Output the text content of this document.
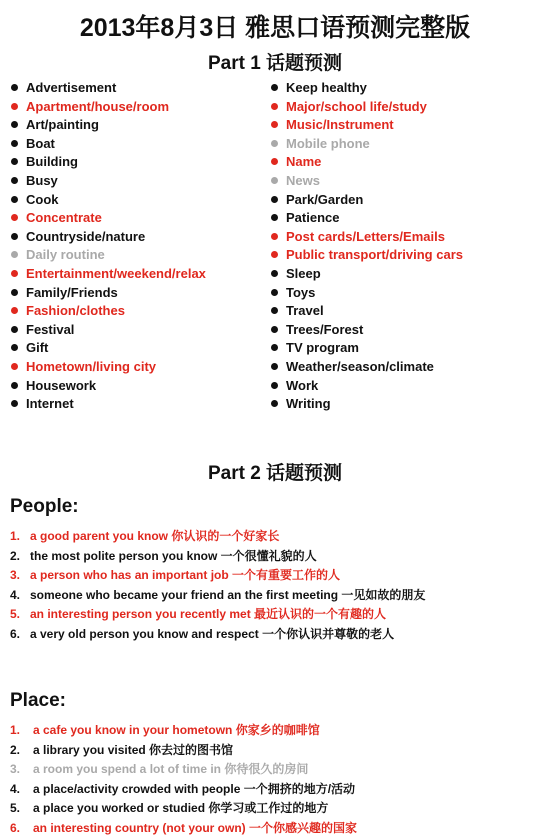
2013年8月3日 雅思口语预测完整版
Part 1 话题预测
Advertisement
Apartment/house/room
Art/painting
Boat
Building
Busy
Cook
Concentrate
Countryside/nature
Daily routine
Entertainment/weekend/relax
Family/Friends
Fashion/clothes
Festival
Gift
Hometown/living city
Housework
Internet
Keep healthy
Major/school life/study
Music/Instrument
Mobile phone
Name
News
Park/Garden
Patience
Post cards/Letters/Emails
Public transport/driving cars
Sleep
Toys
Travel
Trees/Forest
TV program
Weather/season/climate
Work
Writing
Part 2 话题预测
People:
1. a good parent you know 你认识的一个好家长
2. the most polite person you know 一个很懂礼貌的人
3. a person who has an important job 一个有重要工作的人
4. someone who became your friend an the first meeting 一见如故的朋友
5. an interesting person you recently met 最近认识的一个有趣的人
6. a very old person you know and respect 一个你认识并尊敬的老人
Place:
1. a cafe you know in your hometown 你家乡的咖啡馆
2. a library you visited 你去过的图书馆
3. a room you spend a lot of time in 你待很久的房间
4. a place/activity crowded with people 一个拥挤的地方/活动
5. a place you worked or studied 你学习或工作过的地方
6. an interesting country (not your own) 一个你感兴趣的国家
